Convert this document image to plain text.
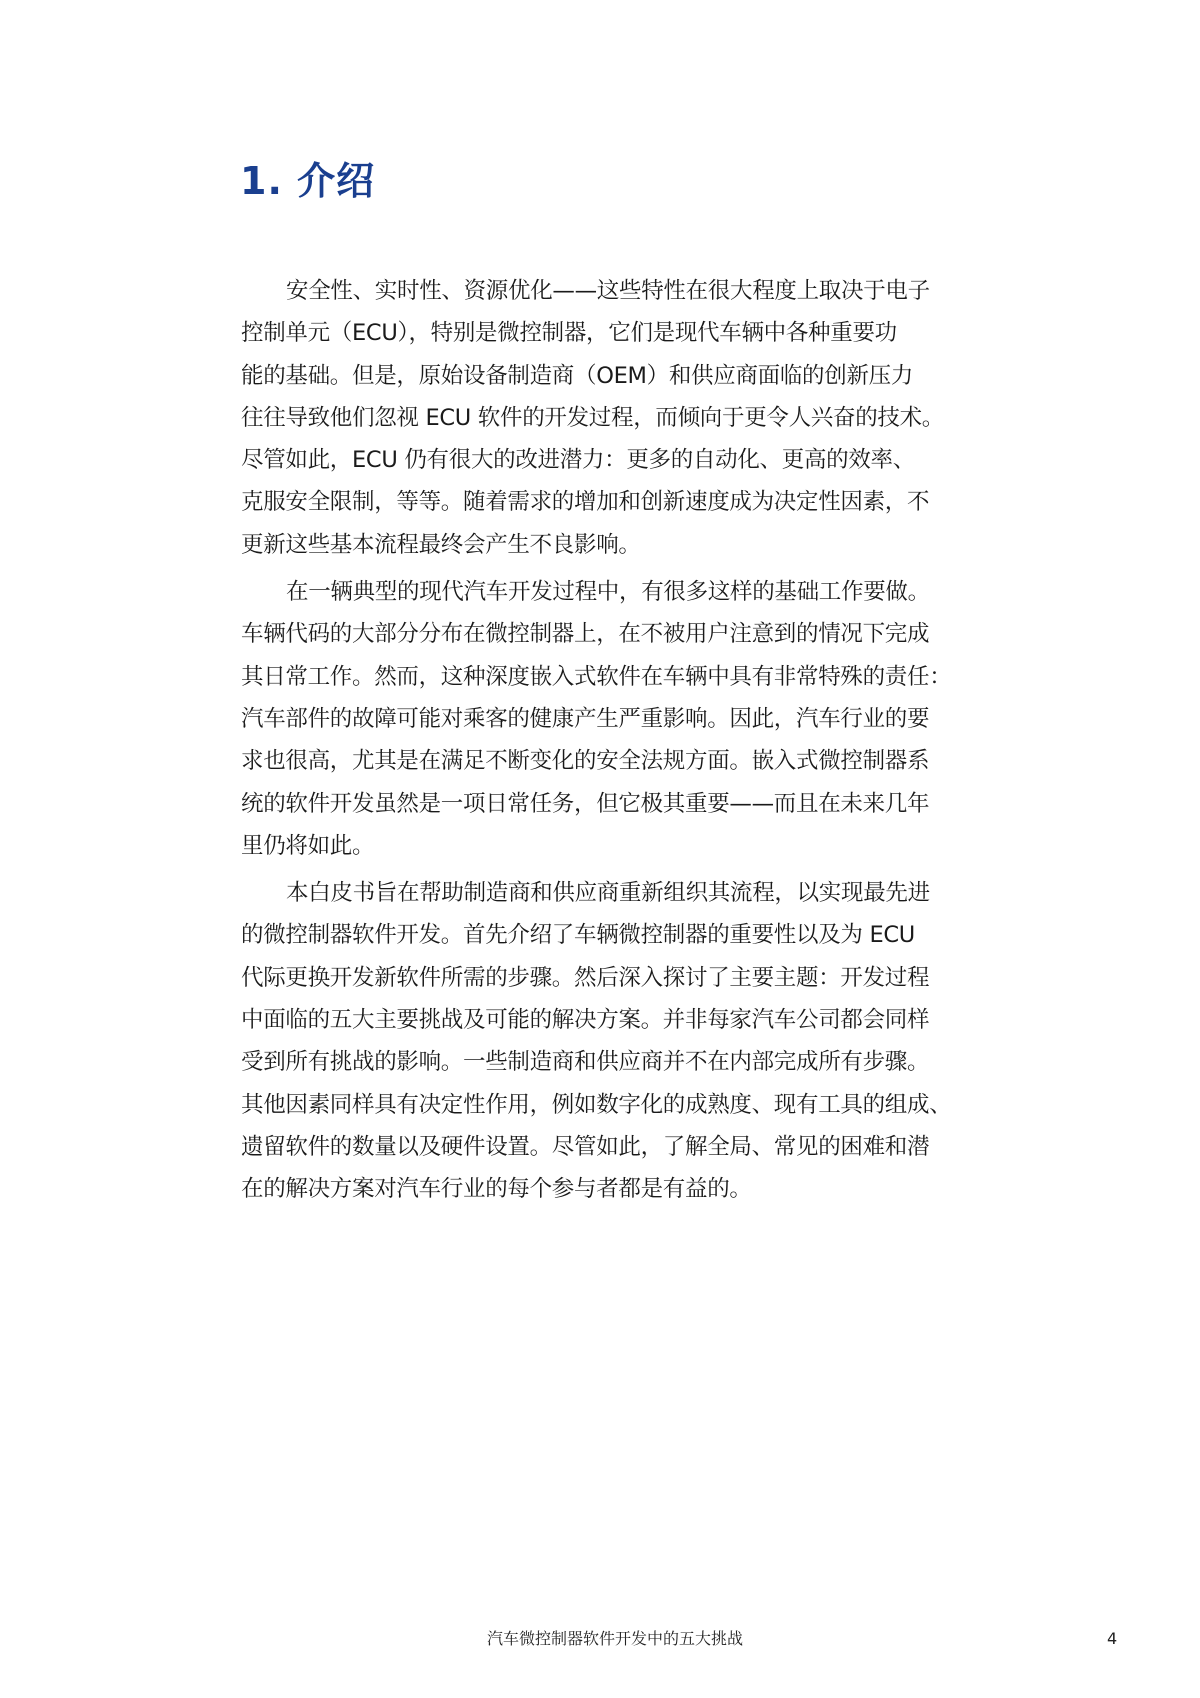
1. 介绍

安全性、实时性、资源优化——这些特性在很大程度上取决于电子
控制单元（ECU），特别是微控制器，它们是现代车辆中各种重要功
能的基础。但是，原始设备制造商（OEM）和供应商面临的创新压力
往往导致他们忽视 ECU 软件的开发过程，而倾向于更令人兴奋的技术。
尽管如此，ECU 仍有很大的改进潜力：更多的自动化、更高的效率、
克服安全限制，等等。随着需求的增加和创新速度成为决定性因素，不
更新这些基本流程最终会产生不良影响。

在一辆典型的现代汽车开发过程中，有很多这样的基础工作要做。
车辆代码的大部分分布在微控制器上，在不被用户注意到的情况下完成
其日常工作。然而，这种深度嵌入式软件在车辆中具有非常特殊的责任：
汽车部件的故障可能对乘客的健康产生严重影响。因此，汽车行业的要
求也很高，尤其是在满足不断变化的安全法规方面。嵌入式微控制器系
统的软件开发虽然是一项日常任务，但它极其重要——而且在未来几年
里仍将如此。

本白皮书旨在帮助制造商和供应商重新组织其流程，以实现最先进
的微控制器软件开发。首先介绍了车辆微控制器的重要性以及为 ECU
代际更换开发新软件所需的步骤。然后深入探讨了主要主题：开发过程
中面临的五大主要挑战及可能的解决方案。并非每家汽车公司都会同样
受到所有挑战的影响。一些制造商和供应商并不在内部完成所有步骤。
其他因素同样具有决定性作用，例如数字化的成熟度、现有工具的组成、
遗留软件的数量以及硬件设置。尽管如此，了解全局、常见的困难和潜
在的解决方案对汽车行业的每个参与者都是有益的。

汽车微控制器软件开发中的五大挑战	4
